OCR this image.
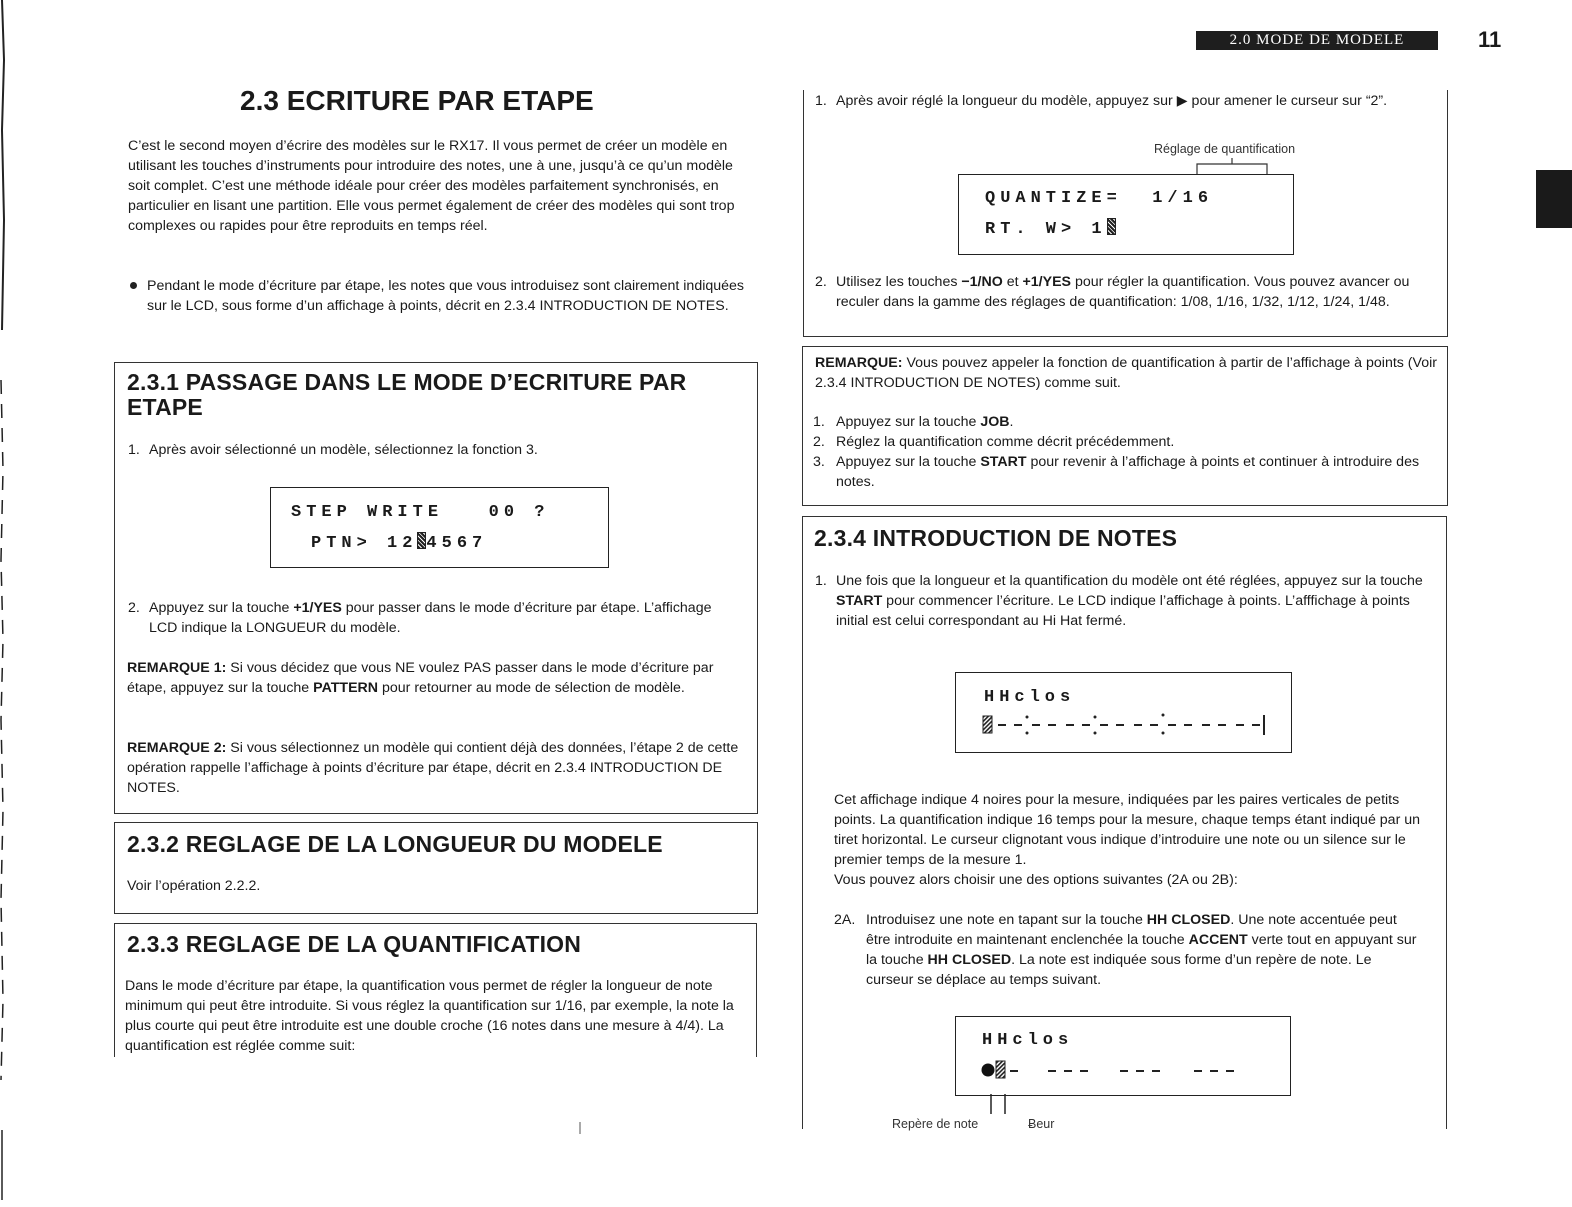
2.0 MODE DE MODELE	11
2.3 ECRITURE PAR ETAPE
C’est le second moyen d’écrire des modèles sur le RX17. Il vous permet de créer un modèle en utilisant les touches d’instruments pour introduire des notes, une à une, jusqu’à ce qu’un modèle soit complet. C’est une méthode idéale pour créer des modèles parfaitement synchronisés, en particulier en lisant une partition. Elle vous permet également de créer des modèles qui sont trop complexes ou rapides pour être reproduits en temps réel.
Pendant le mode d’écriture par étape, les notes que vous introduisez sont clairement indiquées sur le LCD, sous forme d’un affichage à points, décrit en 2.3.4 INTRODUCTION DE NOTES.
2.3.1 PASSAGE DANS LE MODE D’ECRITURE PAR ETAPE
1. Après avoir sélectionné un modèle, sélectionnez la fonction 3.
STEP WRITE   00 ?
PTN> 12 4567
2. Appuyez sur la touche +1/YES pour passer dans le mode d’écriture par étape. L’affichage LCD indique la LONGUEUR du modèle.
REMARQUE 1: Si vous décidez que vous NE voulez PAS passer dans le mode d’écriture par étape, appuyez sur la touche PATTERN pour retourner au mode de sélection de modèle.
REMARQUE 2: Si vous sélectionnez un modèle qui contient déjà des données, l’étape 2 de cette opération rappelle l’affichage à points d’écriture par étape, décrit en 2.3.4 INTRODUCTION DE NOTES.
2.3.2 REGLAGE DE LA LONGUEUR DU MODELE
Voir l’opération 2.2.2.
2.3.3 REGLAGE DE LA QUANTIFICATION
Dans le mode d’écriture par étape, la quantification vous permet de régler la longueur de note minimum qui peut être introduite. Si vous réglez la quantification sur 1/16, par exemple, la note la plus courte qui peut être introduite est une double croche (16 notes dans une mesure à 4/4). La quantification est réglée comme suit:
1. Après avoir réglé la longueur du modèle, appuyez sur ▶ pour amener le curseur sur “2”.
Réglage de quantification
QUANTIZE=  1/16
RT. W> 1
2. Utilisez les touches −1/NO et +1/YES pour régler la quantification. Vous pouvez avancer ou reculer dans la gamme des réglages de quantification: 1/08, 1/16, 1/32, 1/12, 1/24, 1/48.
REMARQUE: Vous pouvez appeler la fonction de quantification à partir de l’affichage à points (Voir 2.3.4 INTRODUCTION DE NOTES) comme suit.
1. Appuyez sur la touche JOB.
2. Réglez la quantification comme décrit précédemment.
3. Appuyez sur la touche START pour revenir à l’affichage à points et continuer à introduire des notes.
2.3.4 INTRODUCTION DE NOTES
1. Une fois que la longueur et la quantification du modèle ont été réglées, appuyez sur la touche START pour commencer l’écriture. Le LCD indique l’affichage à points. L’afffichage à points initial est celui correspondant au Hi Hat fermé.
HHclos
Cet affichage indique 4 noires pour la mesure, indiquées par les paires verticales de petits points. La quantification indique 16 temps pour la mesure, chaque temps étant indiqué par un tiret horizontal. Le curseur clignotant vous indique d’introduire une note ou un silence sur le premier temps de la mesure 1.
Vous pouvez alors choisir une des options suivantes (2A ou 2B):
2A. Introduisez une note en tapant sur la touche HH CLOSED. Une note accentuée peut être introduite en maintenant enclenchée la touche ACCENT verte tout en appuyant sur la touche HH CLOSED. La note est indiquée sous forme d’un repère de note. Le curseur se déplace au temps suivant.
HHclos
Repère de note	Ƀeur
